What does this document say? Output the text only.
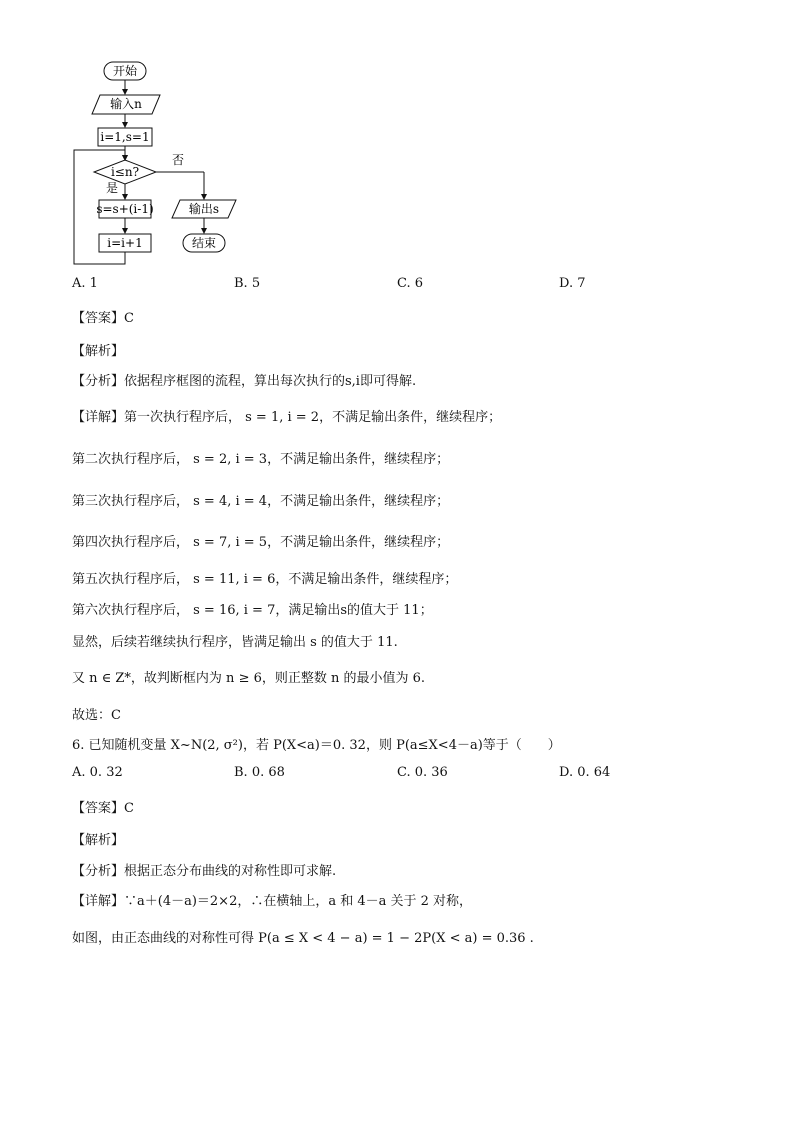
开始
输入n
i=1,s=1
i≤n?
否
是
s=s+(i-1)
i=i+1
输出s
结束
A. 1	B. 5	C. 6	D. 7
【答案】C
【解析】
【分析】依据程序框图的流程，算出每次执行的s,i即可得解.
【详解】第一次执行程序后， s = 1, i = 2，不满足输出条件，继续程序；
第二次执行程序后， s = 2, i = 3，不满足输出条件，继续程序；
第三次执行程序后， s = 4, i = 4，不满足输出条件，继续程序；
第四次执行程序后， s = 7, i = 5，不满足输出条件，继续程序；
第五次执行程序后， s = 11, i = 6，不满足输出条件，继续程序；
第六次执行程序后， s = 16, i = 7，满足输出s的值大于 11；
显然，后续若继续执行程序，皆满足输出 s 的值大于 11.
又 n ∈ Z*，故判断框内为 n ≥ 6，则正整数 n 的最小值为 6.
故选：C
6. 已知随机变量 X~N(2, σ²)，若 P(X<a)＝0. 32，则 P(a≤X<4－a)等于（　　）
A. 0. 32	B. 0. 68	C. 0. 36	D. 0. 64
【答案】C
【解析】
【分析】根据正态分布曲线的对称性即可求解.
【详解】∵a＋(4－a)＝2×2，∴在横轴上，a 和 4－a 关于 2 对称，
如图，由正态曲线的对称性可得 P(a ≤ X < 4 − a) = 1 − 2P(X < a) = 0.36 .
